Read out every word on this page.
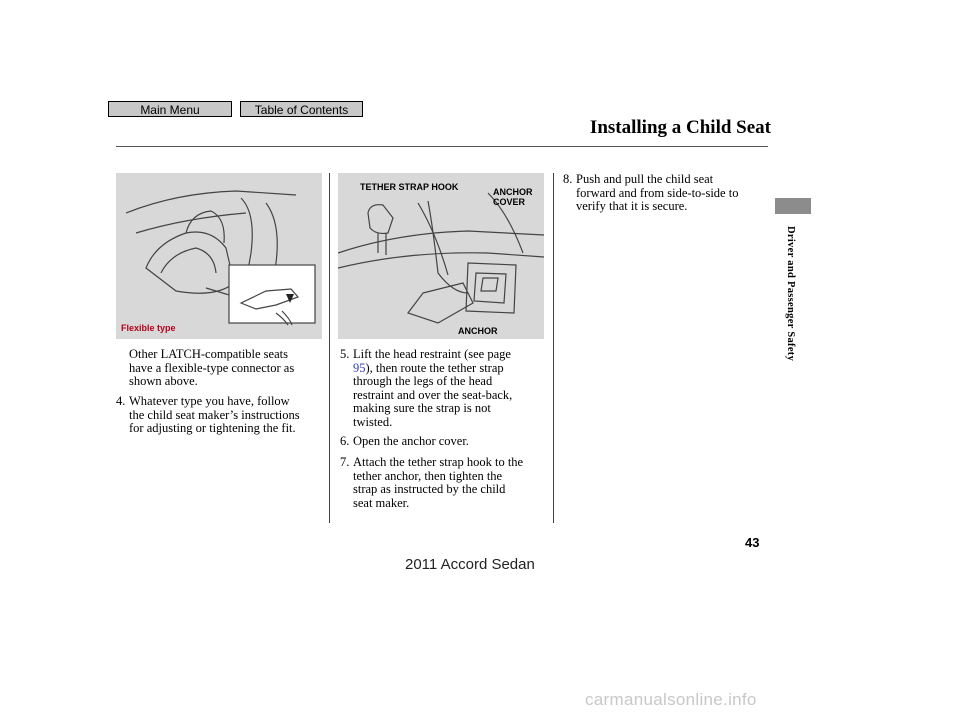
Main Menu	Table of Contents
Installing a Child Seat
Driver and Passenger Safety
Flexible type
TETHER STRAP HOOK	ANCHOR
COVER
ANCHOR
Other LATCH-compatible seats
have a flexible-type connector as
shown above.
4. Whatever type you have, follow
the child seat maker’s instructions
for adjusting or tightening the fit.
5. Lift the head restraint (see page
95), then route the tether strap
through the legs of the head
restraint and over the seat-back,
making sure the strap is not
twisted.
6. Open the anchor cover.
7. Attach the tether strap hook to the
tether anchor, then tighten the
strap as instructed by the child
seat maker.
8. Push and pull the child seat
forward and from side-to-side to
verify that it is secure.
43
2011 Accord Sedan
carmanualsonline.info
